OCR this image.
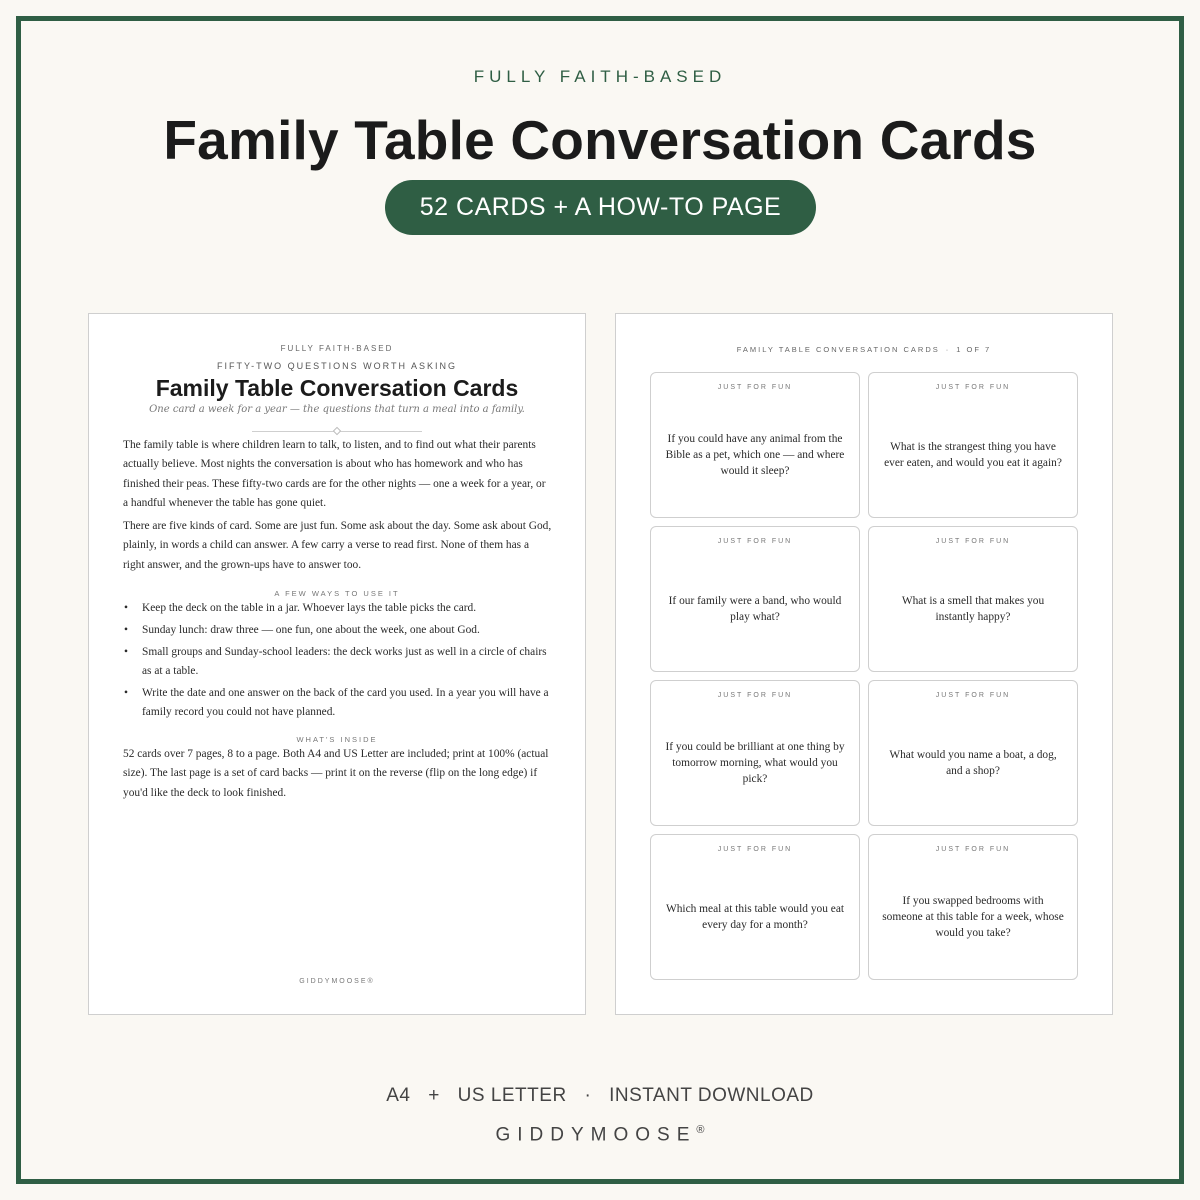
FULLY FAITH-BASED
Family Table Conversation Cards
52 CARDS + A HOW-TO PAGE
FULLY FAITH-BASED
FIFTY-TWO QUESTIONS WORTH ASKING
Family Table Conversation Cards
One card a week for a year — the questions that turn a meal into a family.

The family table is where children learn to talk, to listen, and to find out what their parents actually believe. Most nights the conversation is about who has homework and who has finished their peas. These fifty-two cards are for the other nights — one a week for a year, or a handful whenever the table has gone quiet.

There are five kinds of card. Some are just fun. Some ask about the day. Some ask about God, plainly, in words a child can answer. A few carry a verse to read first. None of them has a right answer, and the grown-ups have to answer too.

A FEW WAYS TO USE IT
• Keep the deck on the table in a jar. Whoever lays the table picks the card.
• Sunday lunch: draw three — one fun, one about the week, one about God.
• Small groups and Sunday-school leaders: the deck works just as well in a circle of chairs as at a table.
• Write the date and one answer on the back of the card you used. In a year you will have a family record you could not have planned.
WHAT'S INSIDE

52 cards over 7 pages, 8 to a page. Both A4 and US Letter are included; print at 100% (actual size). The last page is a set of card backs — print it on the reverse (flip on the long edge) if you'd like the deck to look finished.

GIDDYMOOSE®
FAMILY TABLE CONVERSATION CARDS · 1 OF 7
JUST FOR FUN
If you could have any animal from the Bible as a pet, which one — and where would it sleep?
JUST FOR FUN
What is the strangest thing you have ever eaten, and would you eat it again?
JUST FOR FUN
If our family were a band, who would play what?
JUST FOR FUN
What is a smell that makes you instantly happy?
JUST FOR FUN
If you could be brilliant at one thing by tomorrow morning, what would you pick?
JUST FOR FUN
What would you name a boat, a dog, and a shop?
JUST FOR FUN
Which meal at this table would you eat every day for a month?
JUST FOR FUN
If you swapped bedrooms with someone at this table for a week, whose would you take?
A4 + US LETTER · INSTANT DOWNLOAD
GIDDYMOOSE®
